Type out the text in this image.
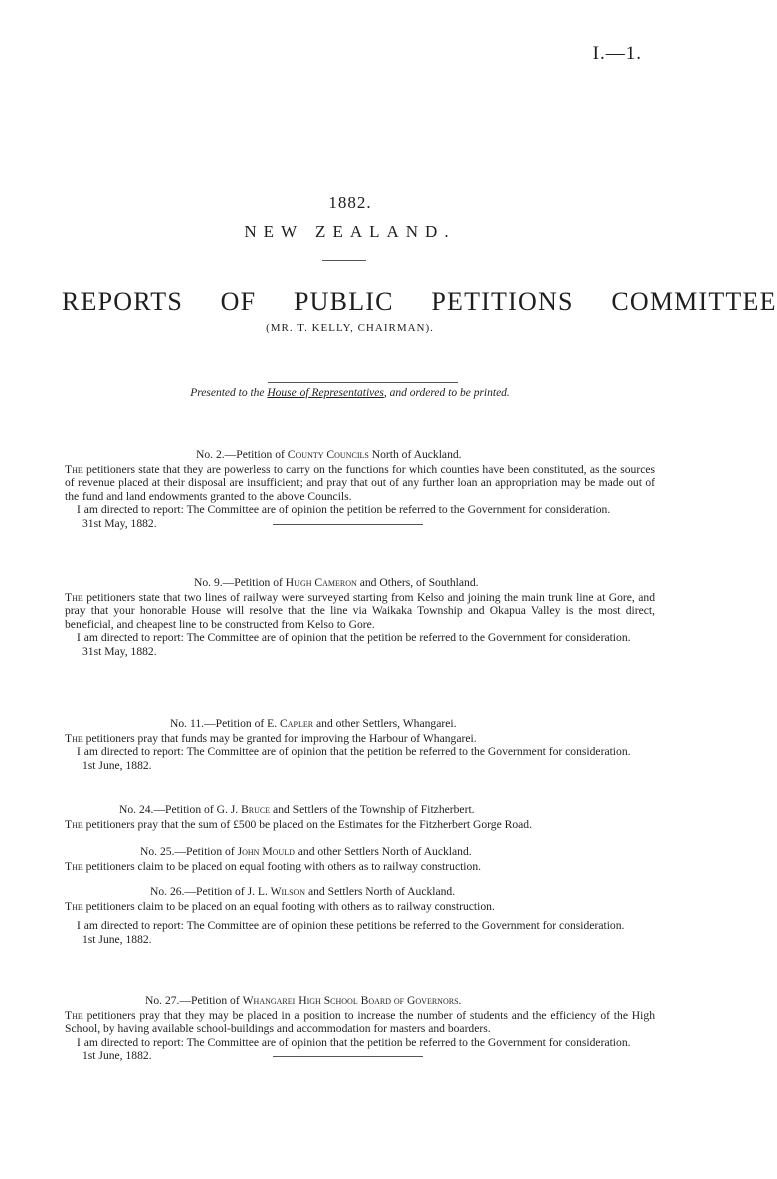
I.—1.
1882.
NEW ZEALAND.
REPORTS OF PUBLIC PETITIONS COMMITTEE
(MR. T. KELLY, CHAIRMAN).
Presented to the House of Representatives, and ordered to be printed.

No. 2.—Petition of County Councils North of Auckland.

The petitioners state that they are powerless to carry on the functions for which counties have been constituted, as the sources of revenue placed at their disposal are insufficient; and pray that out of any further loan an appropriation may be made out of the fund and land endowments granted to the above Councils.

I am directed to report: The Committee are of opinion the petition be referred to the Government for consideration.

31st May, 1882.

No. 9.—Petition of Hugh Cameron and Others, of Southland.

The petitioners state that two lines of railway were surveyed starting from Kelso and joining the main trunk line at Gore, and pray that your honorable House will resolve that the line via Waikaka Township and Okapua Valley is the most direct, beneficial, and cheapest line to be constructed from Kelso to Gore.

I am directed to report: The Committee are of opinion that the petition be referred to the Government for consideration.

31st May, 1882.

No. 11.—Petition of E. Capler and other Settlers, Whangarei.

The petitioners pray that funds may be granted for improving the Harbour of Whangarei.

I am directed to report: The Committee are of opinion that the petition be referred to the Government for consideration.

1st June, 1882.

No. 24.—Petition of G. J. Bruce and Settlers of the Township of Fitzherbert.

The petitioners pray that the sum of £500 be placed on the Estimates for the Fitzherbert Gorge Road.

No. 25.—Petition of John Mould and other Settlers North of Auckland.

The petitioners claim to be placed on equal footing with others as to railway construction.

No. 26.—Petition of J. L. Wilson and Settlers North of Auckland.

The petitioners claim to be placed on an equal footing with others as to railway construction.

I am directed to report: The Committee are of opinion these petitions be referred to the Government for consideration.

1st June, 1882.

No. 27.—Petition of Whangarei High School Board of Governors.

The petitioners pray that they may be placed in a position to increase the number of students and the efficiency of the High School, by having available school-buildings and accommodation for masters and boarders.

I am directed to report: The Committee are of opinion that the petition be referred to the Government for consideration.

1st June, 1882.
